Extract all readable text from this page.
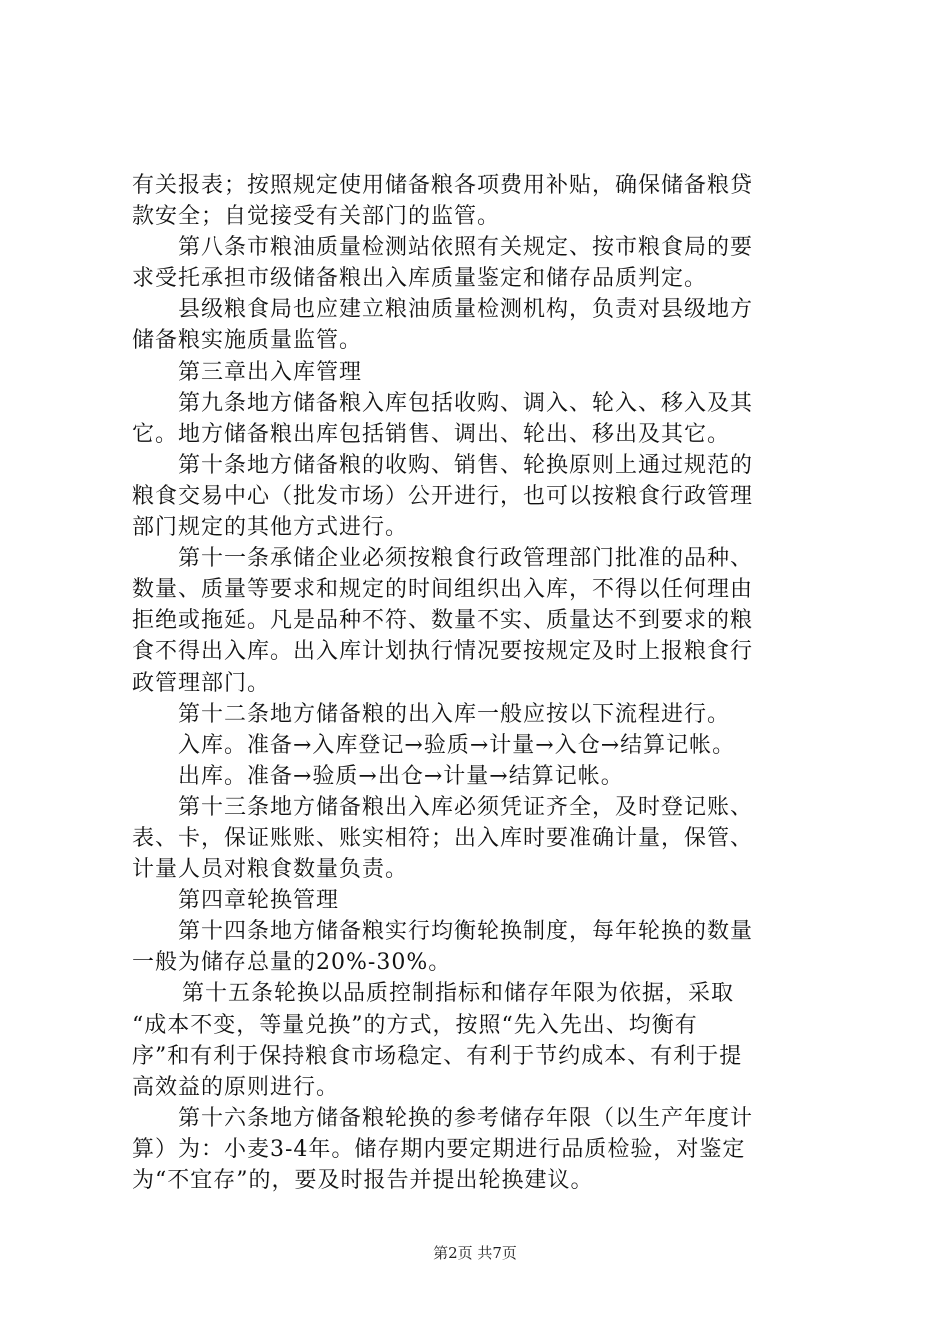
有关报表；按照规定使用储备粮各项费用补贴，确保储备粮贷
款安全；自觉接受有关部门的监管。
第八条市粮油质量检测站依照有关规定、按市粮食局的要
求受托承担市级储备粮出入库质量鉴定和储存品质判定。
县级粮食局也应建立粮油质量检测机构，负责对县级地方
储备粮实施质量监管。
第三章出入库管理
第九条地方储备粮入库包括收购、调入、轮入、移入及其
它。地方储备粮出库包括销售、调出、轮出、移出及其它。
第十条地方储备粮的收购、销售、轮换原则上通过规范的
粮食交易中心（批发市场）公开进行，也可以按粮食行政管理
部门规定的其他方式进行。
第十一条承储企业必须按粮食行政管理部门批准的品种、
数量、质量等要求和规定的时间组织出入库，不得以任何理由
拒绝或拖延。凡是品种不符、数量不实、质量达不到要求的粮
食不得出入库。出入库计划执行情况要按规定及时上报粮食行
政管理部门。
第十二条地方储备粮的出入库一般应按以下流程进行。
入库。准备→入库登记→验质→计量→入仓→结算记帐。
出库。准备→验质→出仓→计量→结算记帐。
第十三条地方储备粮出入库必须凭证齐全，及时登记账、
表、卡，保证账账、账实相符；出入库时要准确计量，保管、
计量人员对粮食数量负责。
第四章轮换管理
第十四条地方储备粮实行均衡轮换制度，每年轮换的数量
一般为储存总量的20%-30%。
第十五条轮换以品质控制指标和储存年限为依据，采取
“成本不变，等量兑换”的方式，按照“先入先出、均衡有
序”和有利于保持粮食市场稳定、有利于节约成本、有利于提
高效益的原则进行。
第十六条地方储备粮轮换的参考储存年限（以生产年度计
算）为：小麦3-4年。储存期内要定期进行品质检验，对鉴定
为“不宜存”的，要及时报告并提出轮换建议。
第2页 共7页
